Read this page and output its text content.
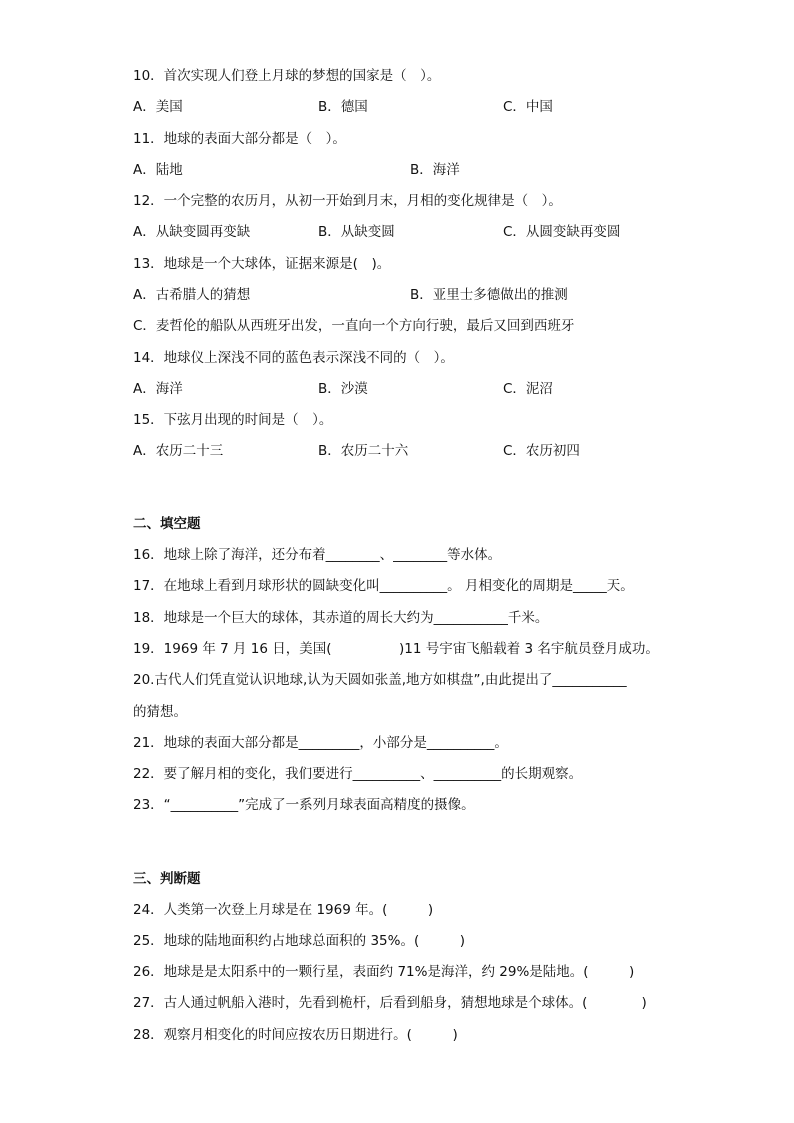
10．首次实现人们登上月球的梦想的国家是（　）。
A．美国	B．德国	C．中国
11．地球的表面大部分都是（　）。
A．陆地	B．海洋
12．一个完整的农历月，从初一开始到月末，月相的变化规律是（　）。
A．从缺变圆再变缺	B．从缺变圆	C．从圆变缺再变圆
13．地球是一个大球体，证据来源是(　)。
A．古希腊人的猜想	B．亚里士多德做出的推测
C．麦哲伦的船队从西班牙出发，一直向一个方向行驶，最后又回到西班牙
14．地球仪上深浅不同的蓝色表示深浅不同的（　）。
A．海洋	B．沙漠	C．泥沼
15．下弦月出现的时间是（　）。
A．农历二十三	B．农历二十六	C．农历初四
二、填空题
16．地球上除了海洋，还分布着________、________等水体。
17．在地球上看到月球形状的圆缺变化叫__________。 月相变化的周期是_____天。
18．地球是一个巨大的球体，其赤道的周长大约为___________千米。
19．1969 年 7 月 16 日，美国(　　　　　)11 号宇宙飞船载着 3 名宇航员登月成功。
20.古代人们凭直觉认识地球,认为天圆如张盖,地方如棋盘”,由此提出了___________
的猜想。
21．地球的表面大部分都是_________，小部分是__________。
22．要了解月相的变化，我们要进行__________、__________的长期观察。
23．“__________”完成了一系列月球表面高精度的摄像。
三、判断题
24．人类第一次登上月球是在 1969 年。(　　　)
25．地球的陆地面积约占地球总面积的 35%。(　　　)
26．地球是是太阳系中的一颗行星，表面约 71%是海洋，约 29%是陆地。(　　　)
27．古人通过帆船入港时，先看到桅杆，后看到船身，猜想地球是个球体。(　　　　)
28．观察月相变化的时间应按农历日期进行。(　　　)
